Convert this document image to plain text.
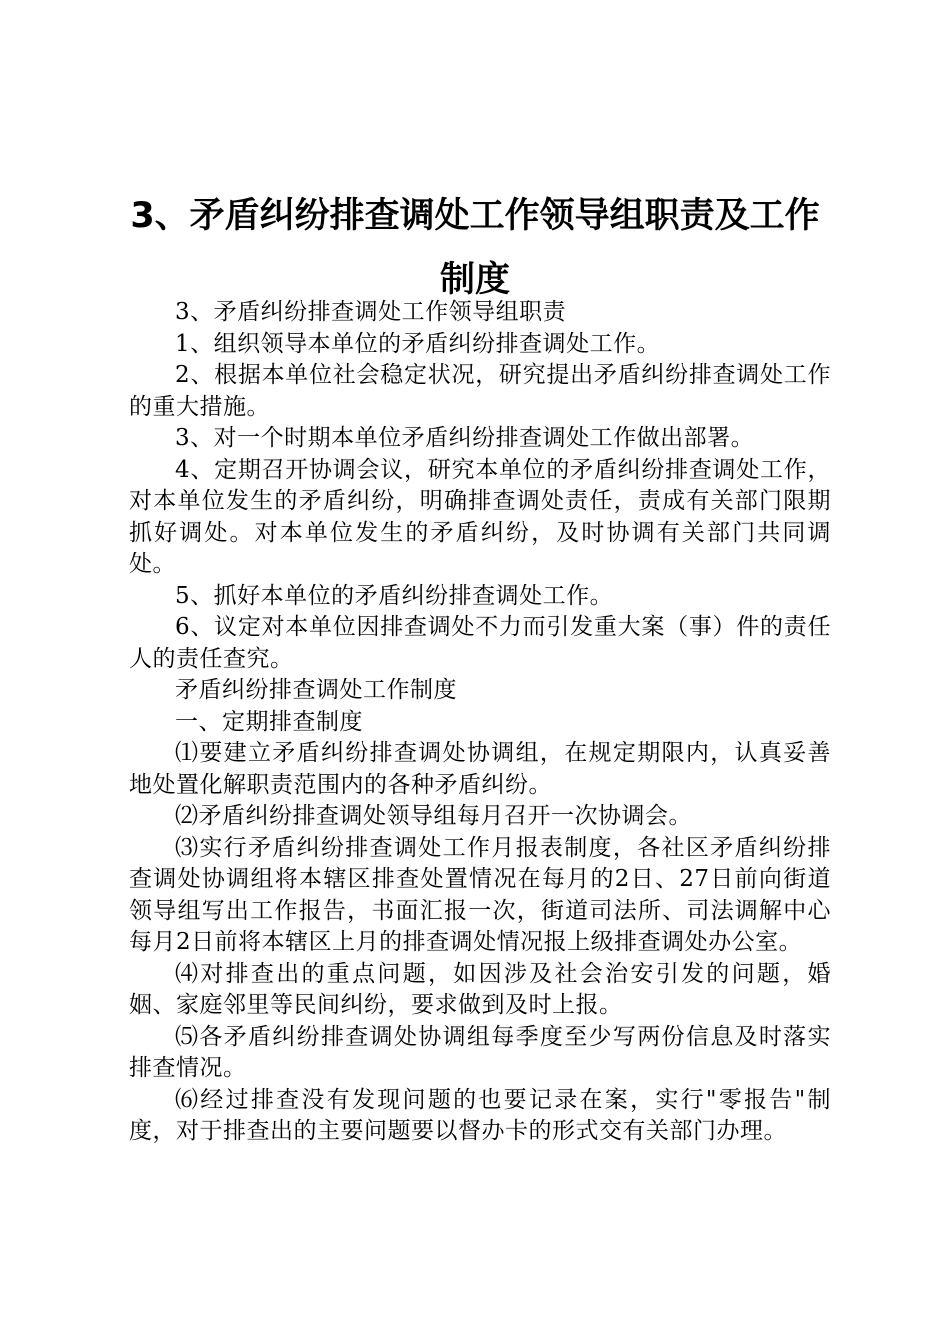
3、矛盾纠纷排查调处工作领导组职责及工作制度

3、矛盾纠纷排查调处工作领导组职责

1、组织领导本单位的矛盾纠纷排查调处工作。

2、根据本单位社会稳定状况，研究提出矛盾纠纷排查调处工作的重大措施。

3、对一个时期本单位矛盾纠纷排查调处工作做出部署。

4、定期召开协调会议，研究本单位的矛盾纠纷排查调处工作，对本单位发生的矛盾纠纷，明确排查调处责任，责成有关部门限期抓好调处。对本单位发生的矛盾纠纷，及时协调有关部门共同调处。

5、抓好本单位的矛盾纠纷排查调处工作。

6、议定对本单位因排查调处不力而引发重大案（事）件的责任人的责任查究。

矛盾纠纷排查调处工作制度

一、定期排查制度

⑴要建立矛盾纠纷排查调处协调组，在规定期限内，认真妥善地处置化解职责范围内的各种矛盾纠纷。

⑵矛盾纠纷排查调处领导组每月召开一次协调会。

⑶实行矛盾纠纷排查调处工作月报表制度，各社区矛盾纠纷排查调处协调组将本辖区排查处置情况在每月的2日、27日前向街道领导组写出工作报告，书面汇报一次，街道司法所、司法调解中心每月2日前将本辖区上月的排查调处情况报上级排查调处办公室。

⑷对排查出的重点问题，如因涉及社会治安引发的问题，婚姻、家庭邻里等民间纠纷，要求做到及时上报。

⑸各矛盾纠纷排查调处协调组每季度至少写两份信息及时落实排查情况。

⑹经过排查没有发现问题的也要记录在案，实行"零报告"制度，对于排查出的主要问题要以督办卡的形式交有关部门办理。
